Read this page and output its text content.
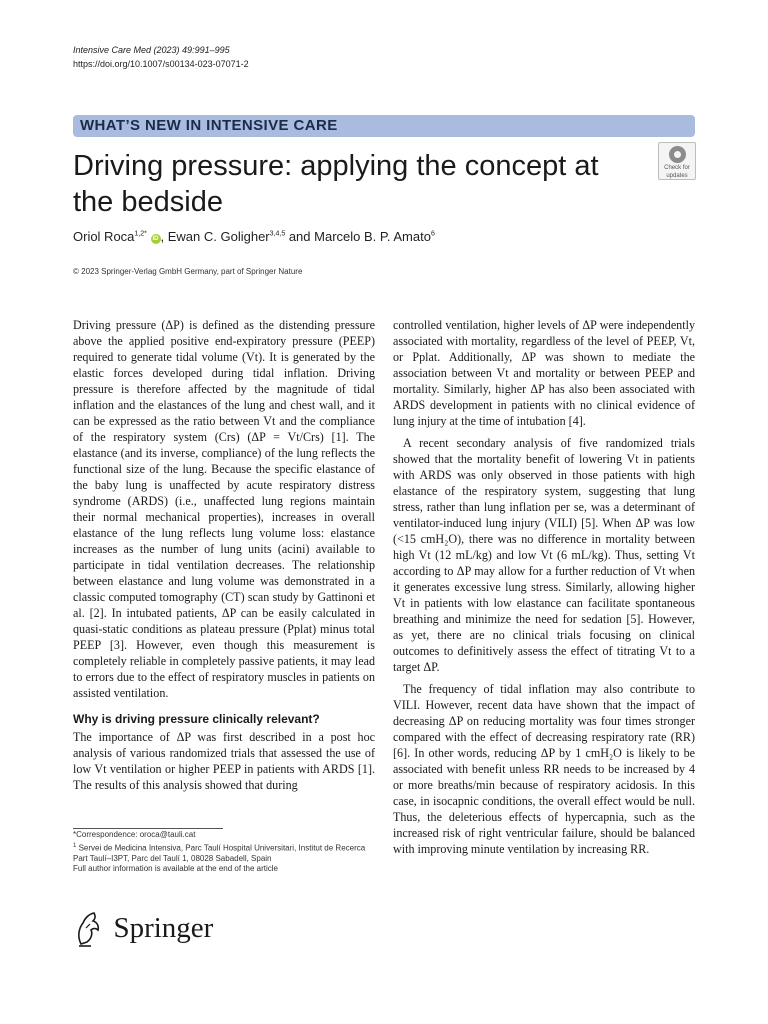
Intensive Care Med (2023) 49:991–995
https://doi.org/10.1007/s00134-023-07071-2
WHAT’S NEW IN INTENSIVE CARE
Driving pressure: applying the concept at the bedside
Check for
updates
Oriol Roca$^{1,2*}$ iD , Ewan C. Goligher$^{3,4,5}$ and Marcelo B. P. Amato$^6$
© 2023 Springer-Verlag GmbH Germany, part of Springer Nature

Driving pressure (ΔP) is defined as the distending pressure above the applied positive end-expiratory pressure (PEEP) required to generate tidal volume (Vt). It is generated by the elastic forces developed during tidal inflation. Driving pressure is therefore affected by the magnitude of tidal inflation and the elastances of the lung and chest wall, and it can be expressed as the ratio between Vt and the compliance of the respiratory system (Crs) (ΔP = Vt/Crs) [1]. The elastance (and its inverse, compliance) of the lung reflects the functional size of the lung. Because the specific elastance of the baby lung is unaffected by acute respiratory distress syndrome (ARDS) (i.e., unaffected lung regions maintain their normal mechanical properties), increases in overall elastance of the lung reflects lung volume loss: elastance increases as the number of lung units (acini) available to participate in tidal ventilation decreases. The relationship between elastance and lung volume was demonstrated in a classic computed tomography (CT) scan study by Gattinoni et al. [2]. In intubated patients, ΔP can be easily calculated in quasi-static conditions as plateau pressure (Pplat) minus total PEEP [3]. However, even though this measurement is completely reliable in completely passive patients, it may lead to errors due to the effect of respiratory muscles in patients on assisted ventilation.

Why is driving pressure clinically relevant?

The importance of ΔP was first described in a post hoc analysis of various randomized trials that assessed the use of low Vt ventilation or higher PEEP in patients with ARDS [1]. The results of this analysis showed that during

controlled ventilation, higher levels of ΔP were independently associated with mortality, regardless of the level of PEEP, Vt, or Pplat. Additionally, ΔP was shown to mediate the association between Vt and mortality or between PEEP and mortality. Similarly, higher ΔP has also been associated with ARDS development in patients with no clinical evidence of lung injury at the time of intubation [4].

A recent secondary analysis of five randomized trials showed that the mortality benefit of lowering Vt in patients with ARDS was only observed in those patients with high elastance of the respiratory system, suggesting that lung stress, rather than lung inflation per se, was a determinant of ventilator-induced lung injury (VILI) [5]. When ΔP was low (<15 cmH₂O), there was no difference in mortality between high Vt (12 mL/kg) and low Vt (6 mL/kg). Thus, setting Vt according to ΔP may allow for a further reduction of Vt when it generates excessive lung stress. Similarly, allowing higher Vt in patients with low elastance can facilitate spontaneous breathing and minimize the need for sedation [5]. However, as yet, there are no clinical trials focusing on clinical outcomes to definitively assess the effect of titrating Vt to a target ΔP.

The frequency of tidal inflation may also contribute to VILI. However, recent data have shown that the impact of decreasing ΔP on reducing mortality was four times stronger compared with the effect of decreasing respiratory rate (RR) [6]. In other words, reducing ΔP by 1 cmH₂O is likely to be associated with benefit unless RR needs to be increased by 4 or more breaths/min because of respiratory acidosis. In this case, in isocapnic conditions, the overall effect would be null. Thus, the deleterious effects of hypercapnia, such as the increased risk of right ventricular failure, should be balanced with improving minute ventilation by increasing RR.

*Correspondence: oroca@tauli.cat
$^1$ Servei de Medicina Intensiva, Parc Taulí Hospital Universitari, Institut de Recerca Part Taulí–I3PT, Parc del Taulí 1, 08028 Sabadell, Spain
Full author information is available at the end of the article
Springer
